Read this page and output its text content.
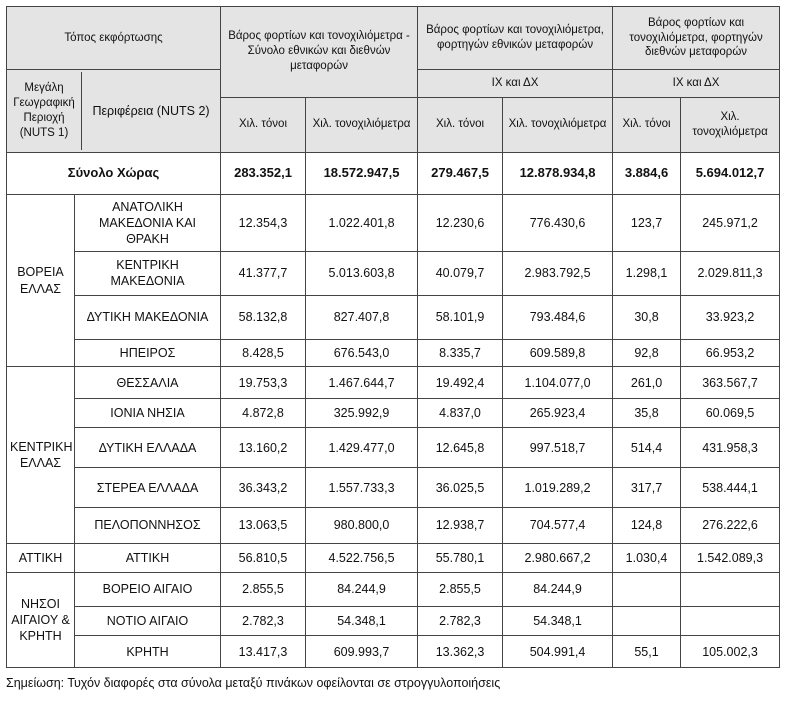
Τόπος εκφόρτωσης	Βάρος φορτίων και τονοχιλιόμετρα - Σύνολο εθνικών και διεθνών μεταφορών	Βάρος φορτίων και τονοχιλιόμετρα, φορτηγών εθνικών μεταφορών	Βάρος φορτίων και τονοχιλιόμετρα, φορτηγών διεθνών μεταφορών

Μεγάλη Γεωγραφική Περιοχή (NUTS 1)	Περιφέρεια (NUTS 2)
	ΙΧ και ΔΧ	ΙΧ και ΔΧ
Χιλ. τόνοι	Χιλ. τονοχιλιόμετρα	Χιλ. τόνοι	Χιλ. τονοχιλιόμετρα	Χιλ. τόνοι	Χιλ. τονοχιλιόμετρα
Σύνολο Χώρας	283.352,1	18.572.947,5	279.467,5	12.878.934,8	3.884,6	5.694.012,7
ΒΟΡΕΙΑ ΕΛΛΑΣ	ΑΝΑΤΟΛΙΚΗ ΜΑΚΕΔΟΝΙΑ ΚΑΙ ΘΡΑΚΗ	12.354,3	1.022.401,8	12.230,6	776.430,6	123,7	245.971,2
ΚΕΝΤΡΙΚΗ ΜΑΚΕΔΟΝΙΑ	41.377,7	5.013.603,8	40.079,7	2.983.792,5	1.298,1	2.029.811,3
ΔΥΤΙΚΗ ΜΑΚΕΔΟΝΙΑ	58.132,8	827.407,8	58.101,9	793.484,6	30,8	33.923,2
ΗΠΕΙΡΟΣ	8.428,5	676.543,0	8.335,7	609.589,8	92,8	66.953,2
ΚΕΝΤΡΙΚΗ ΕΛΛΑΣ	ΘΕΣΣΑΛΙΑ	19.753,3	1.467.644,7	19.492,4	1.104.077,0	261,0	363.567,7
ΙΟΝΙΑ ΝΗΣΙΑ	4.872,8	325.992,9	4.837,0	265.923,4	35,8	60.069,5
ΔΥΤΙΚΗ ΕΛΛΑΔΑ	13.160,2	1.429.477,0	12.645,8	997.518,7	514,4	431.958,3
ΣΤΕΡΕΑ ΕΛΛΑΔΑ	36.343,2	1.557.733,3	36.025,5	1.019.289,2	317,7	538.444,1
ΠΕΛΟΠΟΝΝΗΣΟΣ	13.063,5	980.800,0	12.938,7	704.577,4	124,8	276.222,6
ΑΤΤΙΚΗ	ΑΤΤΙΚΗ	56.810,5	4.522.756,5	55.780,1	2.980.667,2	1.030,4	1.542.089,3
ΝΗΣΟΙ ΑΙΓΑΙΟΥ & ΚΡΗΤΗ	ΒΟΡΕΙΟ ΑΙΓΑΙΟ	2.855,5	84.244,9	2.855,5	84.244,9		
ΝΟΤΙΟ ΑΙΓΑΙΟ	2.782,3	54.348,1	2.782,3	54.348,1		
ΚΡΗΤΗ	13.417,3	609.993,7	13.362,3	504.991,4	55,1	105.002,3
Σημείωση: Τυχόν διαφορές στα σύνολα μεταξύ πινάκων οφείλονται σε στρογγυλοποιήσεις
